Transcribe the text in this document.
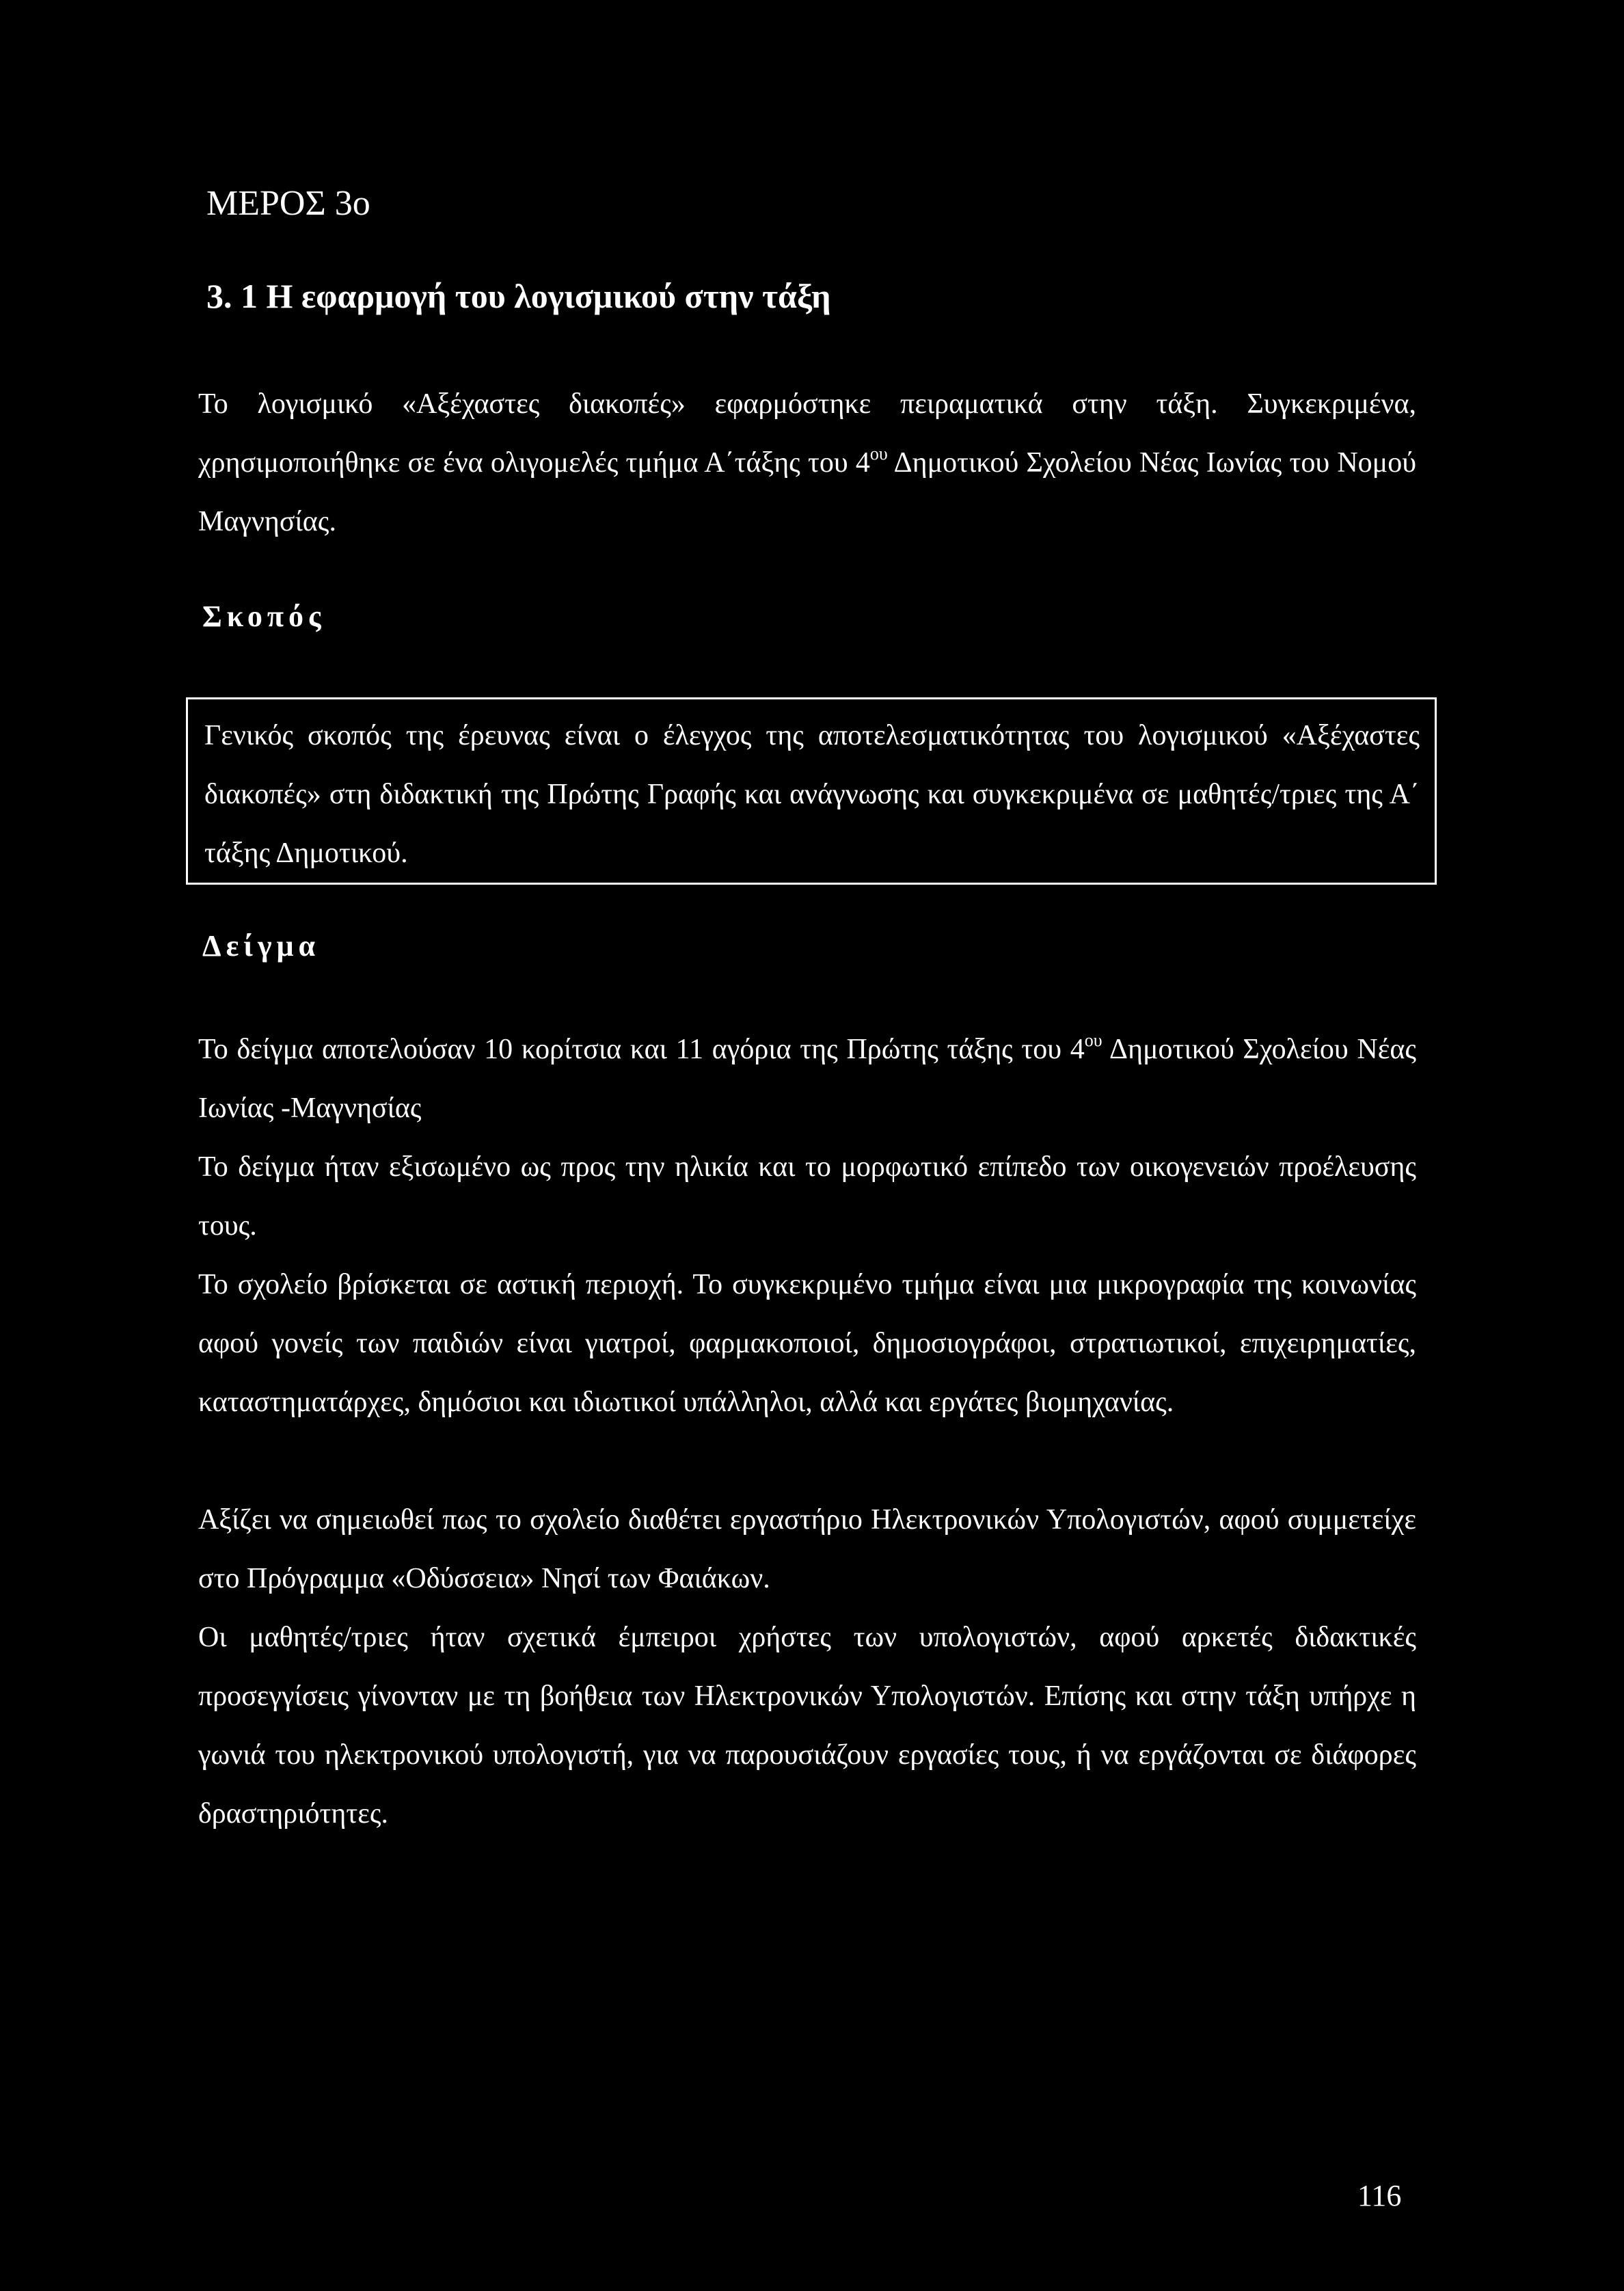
ΜΕΡΟΣ 3ο
3. 1 Η εφαρμογή του λογισμικού στην τάξη

Το λογισμικό «Αξέχαστες διακοπές» εφαρμόστηκε πειραματικά στην τάξη. Συγκεκριμένα, χρησιμοποιήθηκε σε ένα ολιγομελές τμήμα Α΄τάξης του $4^{o\upsilon}$ Δημοτικού Σχολείου Νέας Ιωνίας του Νομού Μαγνησίας.

Σκοπός

Γενικός σκοπός της έρευνας είναι ο έλεγχος της αποτελεσματικότητας του λογισμικού «Αξέχαστες διακοπές» στη διδακτική της Πρώτης Γραφής και ανάγνωσης και συγκεκριμένα σε μαθητές/τριες της Α΄ τάξης Δημοτικού.

Δείγμα

Το δείγμα αποτελούσαν 10 κορίτσια και 11 αγόρια της Πρώτης τάξης του $4^{o\upsilon}$ Δημοτικού Σχολείου Νέας Ιωνίας -Μαγνησίας

Το δείγμα ήταν εξισωμένο ως προς την ηλικία και το μορφωτικό επίπεδο των οικογενειών προέλευσης τους.

Το σχολείο βρίσκεται σε αστική περιοχή. Το συγκεκριμένο τμήμα είναι μια μικρογραφία της κοινωνίας αφού γονείς των παιδιών είναι γιατροί, φαρμακοποιοί, δημοσιογράφοι, στρατιωτικοί, επιχειρηματίες, καταστηματάρχες, δημόσιοι και ιδιωτικοί υπάλληλοι, αλλά και εργάτες βιομηχανίας.

Αξίζει να σημειωθεί πως το σχολείο διαθέτει εργαστήριο Ηλεκτρονικών Υπολογιστών, αφού συμμετείχε στο Πρόγραμμα «Οδύσσεια» Νησί των Φαιάκων.

Οι μαθητές/τριες ήταν σχετικά έμπειροι χρήστες των υπολογιστών, αφού αρκετές διδακτικές προσεγγίσεις γίνονταν με τη βοήθεια των Ηλεκτρονικών Υπολογιστών. Επίσης και στην τάξη υπήρχε η γωνιά του ηλεκτρονικού υπολογιστή, για να παρουσιάζουν εργασίες τους, ή να εργάζονται σε διάφορες δραστηριότητες.

116
